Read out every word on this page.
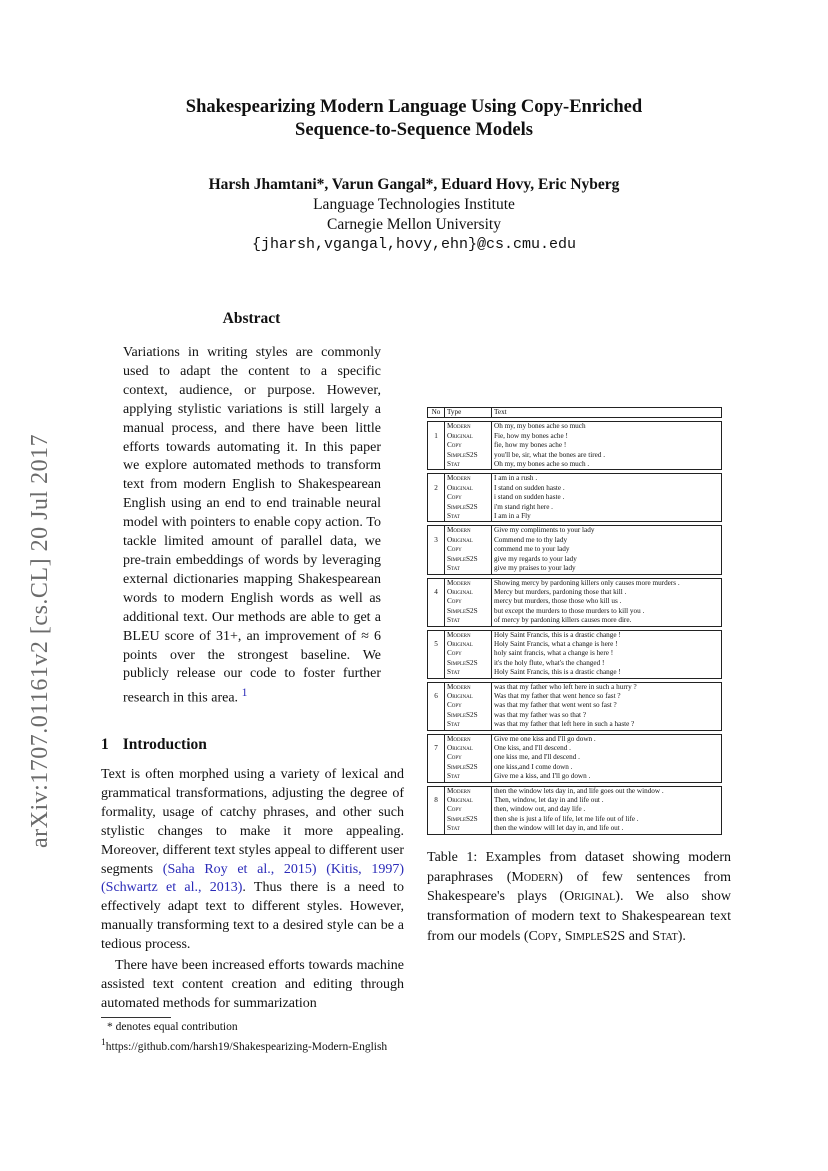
Shakespearizing Modern Language Using Copy-Enriched
Sequence-to-Sequence Models
Harsh Jhamtani*, Varun Gangal*, Eduard Hovy, Eric Nyberg
Language Technologies Institute
Carnegie Mellon University
{jharsh,vgangal,hovy,ehn}@cs.cmu.edu
arXiv:1707.01161v2 [cs.CL] 20 Jul 2017
Abstract
Variations in writing styles are commonly used to adapt the content to a specific context, audience, or purpose. However, applying stylistic variations is still largely a manual process, and there have been little efforts towards automating it. In this paper we explore automated methods to transform text from modern English to Shakespearean English using an end to end trainable neural model with pointers to enable copy action. To tackle limited amount of parallel data, we pre-train embeddings of words by leveraging external dictionaries mapping Shakespearean words to modern English words as well as additional text. Our methods are able to get a BLEU score of 31+, an improvement of ≈ 6 points over the strongest baseline. We publicly release our code to foster further research in this area. $^1$
1 Introduction

Text is often morphed using a variety of lexical and grammatical transformations, adjusting the degree of formality, usage of catchy phrases, and other such stylistic changes to make it more appealing. Moreover, different text styles appeal to different user segments (Saha Roy et al., 2015) (Kitis, 1997) (Schwartz et al., 2013). Thus there is a need to effectively adapt text to different styles. However, manually transforming text to a desired style can be a tedious process.

There have been increased efforts towards machine assisted text content creation and editing through automated methods for summarization

* denotes equal contribution
$^1$https://github.com/harsh19/Shakespearizing-Modern-English
No	Type	Text

	Modern	Oh my, my bones ache so much
1	Original	Fie, how my bones ache !
	Copy	fie, how my bones ache !
	SimpleS2S	you'll be, sir, what the bones are tired .
	Stat	Oh my, my bones ache so much .

	Modern	I am in a rush .
2	Original	I stand on sudden haste .
	Copy	i stand on sudden haste .
	SimpleS2S	i'm stand right here .
	Stat	I am in a Fly

	Modern	Give my compliments to your lady
3	Original	Commend me to thy lady
	Copy	commend me to your lady
	SimpleS2S	give my regards to your lady
	Stat	give my praises to your lady

	Modern	Showing mercy by pardoning killers only causes more murders .
4	Original	Mercy but murders, pardoning those that kill .
	Copy	mercy but murders, those those who kill us .
	SimpleS2S	but except the murders to those murders to kill you .
	Stat	of mercy by pardoning killers causes more dire.

	Modern	Holy Saint Francis, this is a drastic change !
5	Original	Holy Saint Francis, what a change is here !
	Copy	holy saint francis, what a change is here !
	SimpleS2S	it's the holy flute, what's the changed !
	Stat	Holy Saint Francis, this is a drastic change !

	Modern	was that my father who left here in such a hurry ?
6	Original	Was that my father that went hence so fast ?
	Copy	was that my father that went went so fast ?
	SimpleS2S	was that my father was so that ?
	Stat	was that my father that left here in such a haste ?

	Modern	Give me one kiss and I'll go down .
7	Original	One kiss, and I'll descend .
	Copy	one kiss me, and I'll descend .
	SimpleS2S	one kiss,and I come down .
	Stat	Give me a kiss, and I'll go down .

	Modern	then the window lets day in, and life goes out the window .
8	Original	Then, window, let day in and life out .
	Copy	then, window out, and day life .
	SimpleS2S	then she is just a life of life, let me life out of life .
	Stat	then the window will let day in, and life out .
Table 1: Examples from dataset showing modern paraphrases (Modern) of few sentences from Shakespeare's plays (Original). We also show transformation of modern text to Shakespearean text from our models (Copy, SimpleS2S and Stat).
